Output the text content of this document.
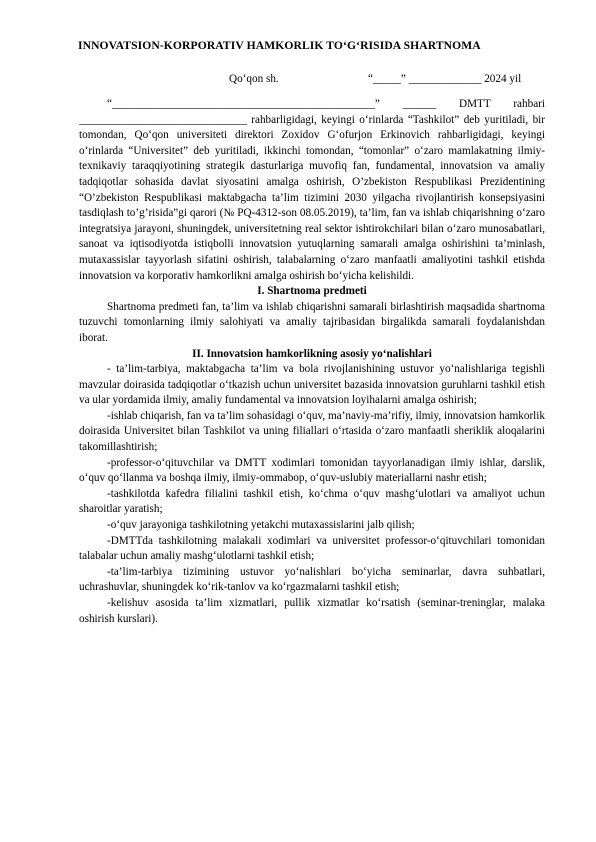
INNOVATSION-KORPORATIV HAMKORLIK TO‘G‘RISIDA SHARTNOMA
Qo‘qon sh.	“_____” _____________ 2024 yil

“_______________________________________________” ______ DMTT rahbari ______________________________ rahbarligidagi, keyingi o‘rinlarda “Tashkilot” deb yuritiladi, bir tomondan, Qo‘qon universiteti direktori Zoxidov G‘ofurjon Erkinovich rahbarligidagi, keyingi o‘rinlarda “Universitet” deb yuritiladi, ikkinchi tomondan, “tomonlar” o‘zaro mamlakatning ilmiy-texnikaviy taraqqiyotining strategik dasturlariga muvofiq fan, fundamental, innovatsion va amaliy tadqiqotlar sohasida davlat siyosatini amalga oshirish, O’zbekiston Respublikasi Prezidentining “O’zbekiston Respublikasi maktabgacha ta’lim tizimini 2030 yilgacha rivojlantirish konsepsiyasini tasdiqlash to’g’risida”gi qarori (№ PQ-4312-son 08.05.2019), ta’lim, fan va ishlab chiqarishning o‘zaro integratsiya jarayoni, shuningdek, universitetning real sektor ishtirokchilari bilan o‘zaro munosabatlari, sanoat va iqtisodiyotda istiqbolli innovatsion yutuqlarning samarali amalga oshirishini ta’minlash, mutaxassislar tayyorlash sifatini oshirish, talabalarning o‘zaro manfaatli amaliyotini tashkil etishda innovatsion va korporativ hamkorlikni amalga oshirish bo‘yicha kelishildi.

I. Shartnoma predmeti

Shartnoma predmeti fan, ta’lim va ishlab chiqarishni samarali birlashtirish maqsadida shartnoma tuzuvchi tomonlarning ilmiy salohiyati va amaliy tajribasidan birgalikda samarali foydalanishdan iborat.

II. Innovatsion hamkorlikning asosiy yo‘nalishlari

- ta’lim-tarbiya, maktabgacha ta’lim va bola rivojlanishining ustuvor yo‘nalishlariga tegishli mavzular doirasida tadqiqotlar o‘tkazish uchun universitet bazasida innovatsion guruhlarni tashkil etish va ular yordamida ilmiy, amaliy fundamental va innovatsion loyihalarni amalga oshirish;

-ishlab chiqarish, fan va ta’lim sohasidagi o‘quv, ma’naviy-ma’rifiy, ilmiy, innovatsion hamkorlik doirasida Universitet bilan Tashkilot va uning filiallari o‘rtasida o‘zaro manfaatli sheriklik aloqalarini takomillashtirish;

-professor-o‘qituvchilar va DMTT xodimlari tomonidan tayyorlanadigan ilmiy ishlar, darslik, o‘quv qo‘llanma va boshqa ilmiy, ilmiy-ommabop, o‘quv-uslubiy materiallarni nashr etish;

-tashkilotda kafedra filialini tashkil etish, ko‘chma o‘quv mashg‘ulotlari va amaliyot uchun sharoitlar yaratish;

-o‘quv jarayoniga tashkilotning yetakchi mutaxassislarini jalb qilish;

-DMTTda tashkilotning malakali xodimlari va universitet professor-o‘qituvchilari tomonidan talabalar uchun amaliy mashg‘ulotlarni tashkil etish;

-ta’lim-tarbiya tizimining ustuvor yo‘nalishlari bo‘yicha seminarlar, davra suhbatlari, uchrashuvlar, shuningdek ko‘rik-tanlov va ko‘rgazmalarni tashkil etish;

-kelishuv asosida ta’lim xizmatlari, pullik xizmatlar ko‘rsatish (seminar-treninglar, malaka oshirish kurslari).
